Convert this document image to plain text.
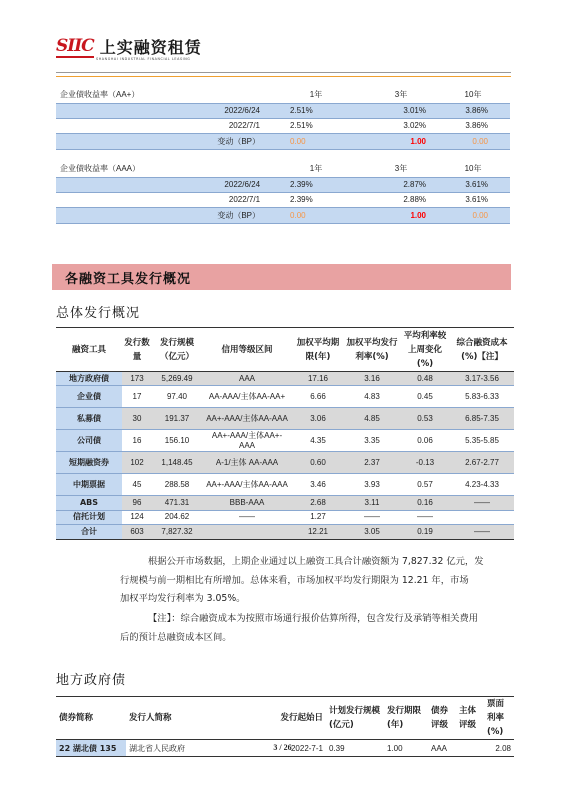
SIIC 上实融资租赁
SHANGHAI INDUSTRIAL FINANCIAL LEASING
企业债收益率（AA+）	1年	3年	10年
2022/6/24	2.51%	3.01%	3.86%
2022/7/1	2.51%	3.02%	3.86%
变动（BP）	0.00	1.00	0.00
企业债收益率（AAA）	1年	3年	10年
2022/6/24	2.39%	2.87%	3.61%
2022/7/1	2.39%	2.88%	3.61%
变动（BP）	0.00	1.00	0.00
各融资工具发行概况
总体发行概况
融资工具	发行数量	发行规模（亿元）	信用等级区间	加权平均期限(年)	加权平均发行利率(%)	平均利率较上周变化(%)	综合融资成本(%)【注】
地方政府债	173	5,269.49	AAA	17.16	3.16	0.48	3.17-3.56
企业债	17	97.40	AA-AAA/主体AA-AA+	6.66	4.83	0.45	5.83-6.33
私募债	30	191.37	AA+-AAA/主体AA-AAA	3.06	4.85	0.53	6.85-7.35
公司债	16	156.10	AA+-AAA/主体AA+-AAA	4.35	3.35	0.06	5.35-5.85
短期融资券	102	1,148.45	A-1/主体 AA-AAA	0.60	2.37	-0.13	2.67-2.77
中期票据	45	288.58	AA+-AAA/主体AA-AAA	3.46	3.93	0.57	4.23-4.33
ABS	96	471.31	BBB-AAA	2.68	3.11	0.16	——
信托计划	124	204.62	——	1.27	——	——	
合计	603	7,827.32		12.21	3.05	0.19	——
根据公开市场数据，上期企业通过以上融资工具合计融资额为 7,827.32 亿元，发
行规模与前一期相比有所增加。总体来看，市场加权平均发行期限为 12.21 年，市场
加权平均发行利率为 3.05%。
【注】：综合融资成本为按照市场通行报价估算所得，包含发行及承销等相关费用
后的预计总融资成本区间。
地方政府债
债券简称	发行人简称	发行起始日	计划发行规模(亿元)	发行期限(年)	债券评级	主体评级	票面利率(%)
22 湖北债 135	湖北省人民政府	2022-7-1	0.39	1.00	AAA		2.08
3 / 26
